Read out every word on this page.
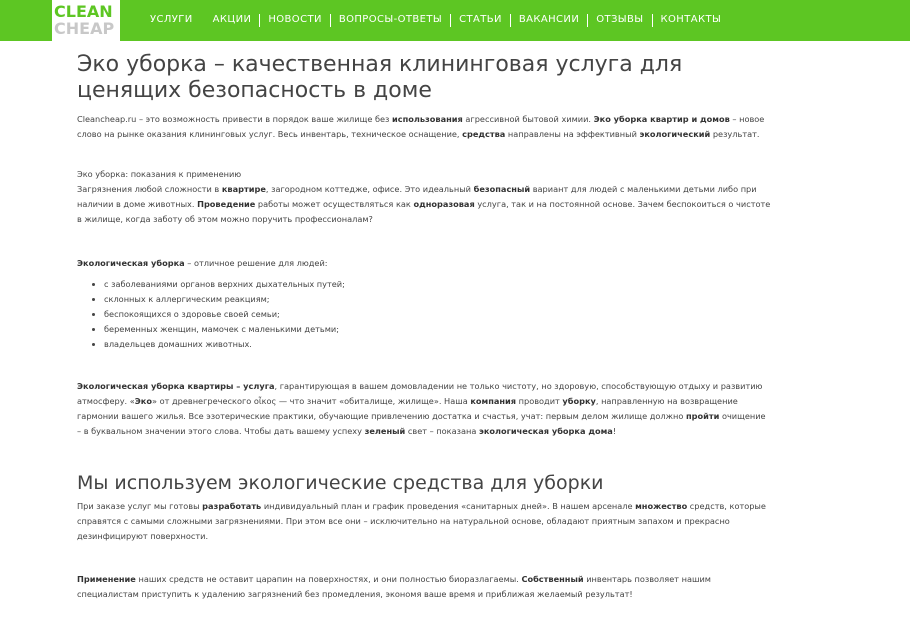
CLEAN
CHEAP	УСЛУГИ АКЦИИ НОВОСТИ ВОПРОСЫ-ОТВЕТЫ СТАТЬИ ВАКАНСИИ ОТЗЫВЫ КОНТАКТЫ
Эко уборка – качественная клининговая услуга для ценящих безопасность в доме

Cleancheap.ru – это возможность привести в порядок ваше жилище без использования агрессивной бытовой химии. Эко уборка квартир и домов – новое слово на рынке оказания клининговых услуг. Весь инвентарь, техническое оснащение, средства направлены на эффективный экологический результат.

Эко уборка: показания к применению
Загрязнения любой сложности в квартире, загородном коттедже, офисе. Это идеальный безопасный вариант для людей с маленькими детьми либо при наличии в доме животных. Проведение работы может осуществляться как одноразовая услуга, так и на постоянной основе. Зачем беспокоиться о чистоте в жилище, когда заботу об этом можно поручить профессионалам?

Экологическая уборка – отличное решение для людей:

• с заболеваниями органов верхних дыхательных путей;
• склонных к аллергическим реакциям;
• беспокоящихся о здоровье своей семьи;
• беременных женщин, мамочек с маленькими детьми;
• владельцев домашних животных.

Экологическая уборка квартиры – услуга, гарантирующая в вашем домовладении не только чистоту, но здоровую, способствующую отдыху и развитию атмосферу. «Эко» от древнегреческого οἶκος — что значит «обиталище, жилище». Наша компания проводит уборку, направленную на возвращение гармонии вашего жилья. Все эзотерические практики, обучающие привлечению достатка и счастья, учат: первым делом жилище должно пройти очищение – в буквальном значении этого слова. Чтобы дать вашему успеху зеленый свет – показана экологическая уборка дома!

Мы используем экологические средства для уборки

При заказе услуг мы готовы разработать индивидуальный план и график проведения «санитарных дней». В нашем арсенале множество средств, которые справятся с самыми сложными загрязнениями. При этом все они – исключительно на натуральной основе, обладают приятным запахом и прекрасно дезинфицируют поверхности.

Применение наших средств не оставит царапин на поверхностях, и они полностью биоразлагаемы. Собственный инвентарь позволяет нашим специалистам приступить к удалению загрязнений без промедления, экономя ваше время и приближая желаемый результат!
